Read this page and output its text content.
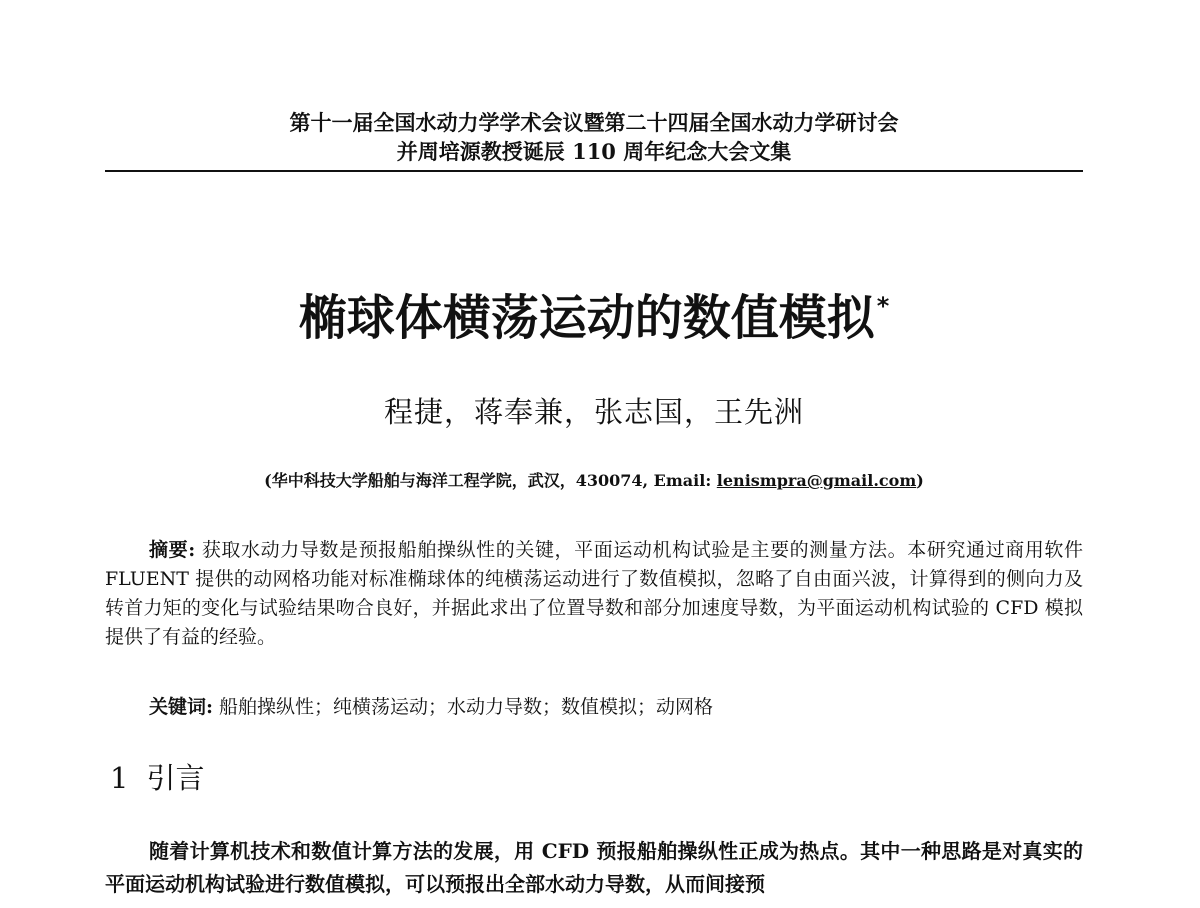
第十一届全国水动力学学术会议暨第二十四届全国水动力学研讨会
并周培源教授诞辰 110 周年纪念大会文集
椭球体横荡运动的数值模拟*
程捷，蒋奉兼，张志国，王先洲
(华中科技大学船舶与海洋工程学院，武汉，430074, Email: lenismpra@gmail.com)
摘要: 获取水动力导数是预报船舶操纵性的关键，平面运动机构试验是主要的测量方法。本研究通过商用软件 FLUENT 提供的动网格功能对标准椭球体的纯横荡运动进行了数值模拟，忽略了自由面兴波，计算得到的侧向力及转首力矩的变化与试验结果吻合良好，并据此求出了位置导数和部分加速度导数，为平面运动机构试验的 CFD 模拟提供了有益的经验。
关键词: 船舶操纵性；纯横荡运动；水动力导数；数值模拟；动网格
1 引言
随着计算机技术和数值计算方法的发展，用 CFD 预报船舶操纵性正成为热点。其中一种思路是对真实的平面运动机构试验进行数值模拟，可以预报出全部水动力导数，从而间接预
